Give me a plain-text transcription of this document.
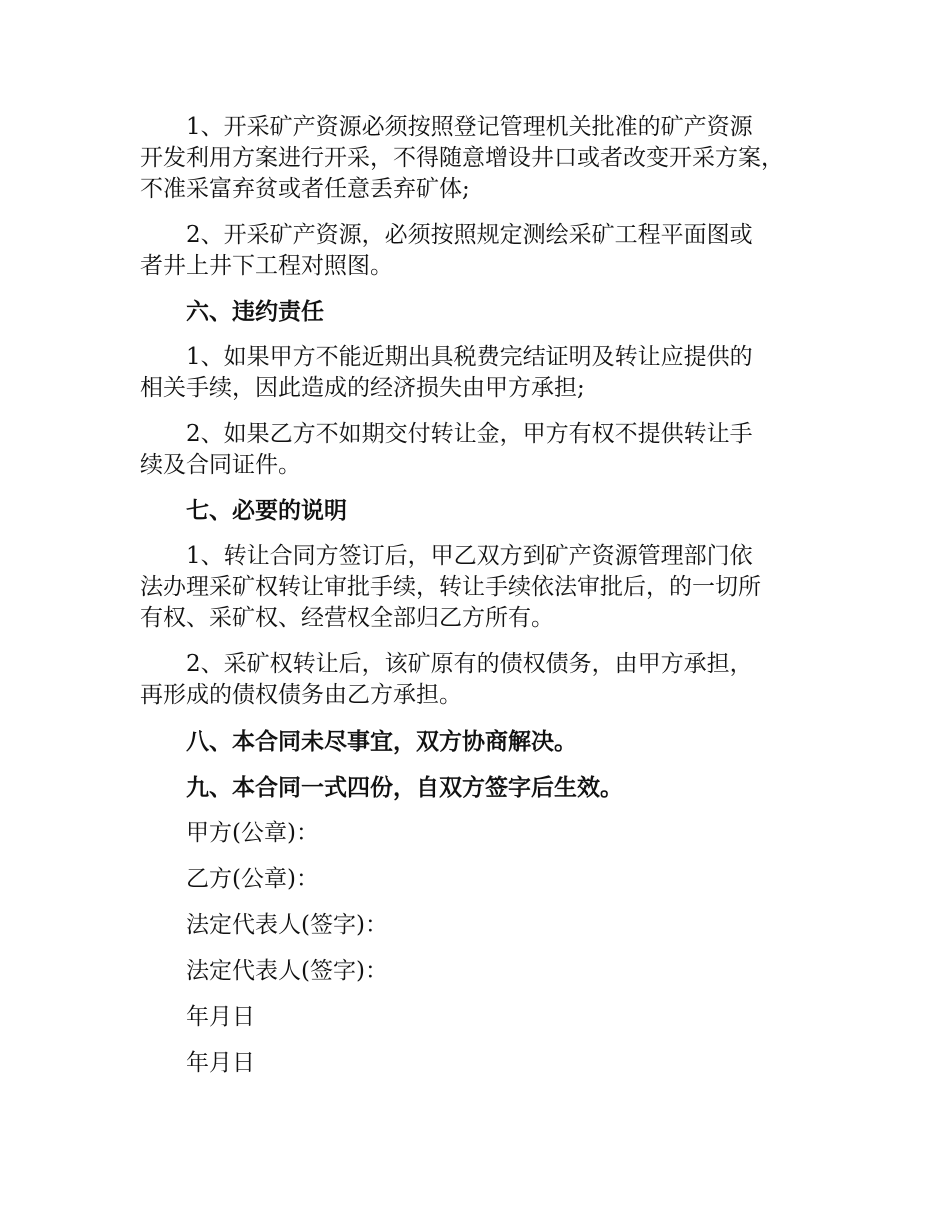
1、开采矿产资源必须按照登记管理机关批准的矿产资源
开发利用方案进行开采，不得随意增设井口或者改变开采方案，
不准采富弃贫或者任意丢弃矿体;
2、开采矿产资源，必须按照规定测绘采矿工程平面图或
者井上井下工程对照图。
六、违约责任
1、如果甲方不能近期出具税费完结证明及转让应提供的
相关手续，因此造成的经济损失由甲方承担;
2、如果乙方不如期交付转让金，甲方有权不提供转让手
续及合同证件。
七、必要的说明
1、转让合同方签订后，甲乙双方到矿产资源管理部门依
法办理采矿权转让审批手续，转让手续依法审批后，的一切所
有权、采矿权、经营权全部归乙方所有。
2、采矿权转让后，该矿原有的债权债务，由甲方承担，
再形成的债权债务由乙方承担。
八、本合同未尽事宜，双方协商解决。
九、本合同一式四份，自双方签字后生效。
甲方(公章)：
乙方(公章)：
法定代表人(签字)：
法定代表人(签字)：
年月日
年月日
